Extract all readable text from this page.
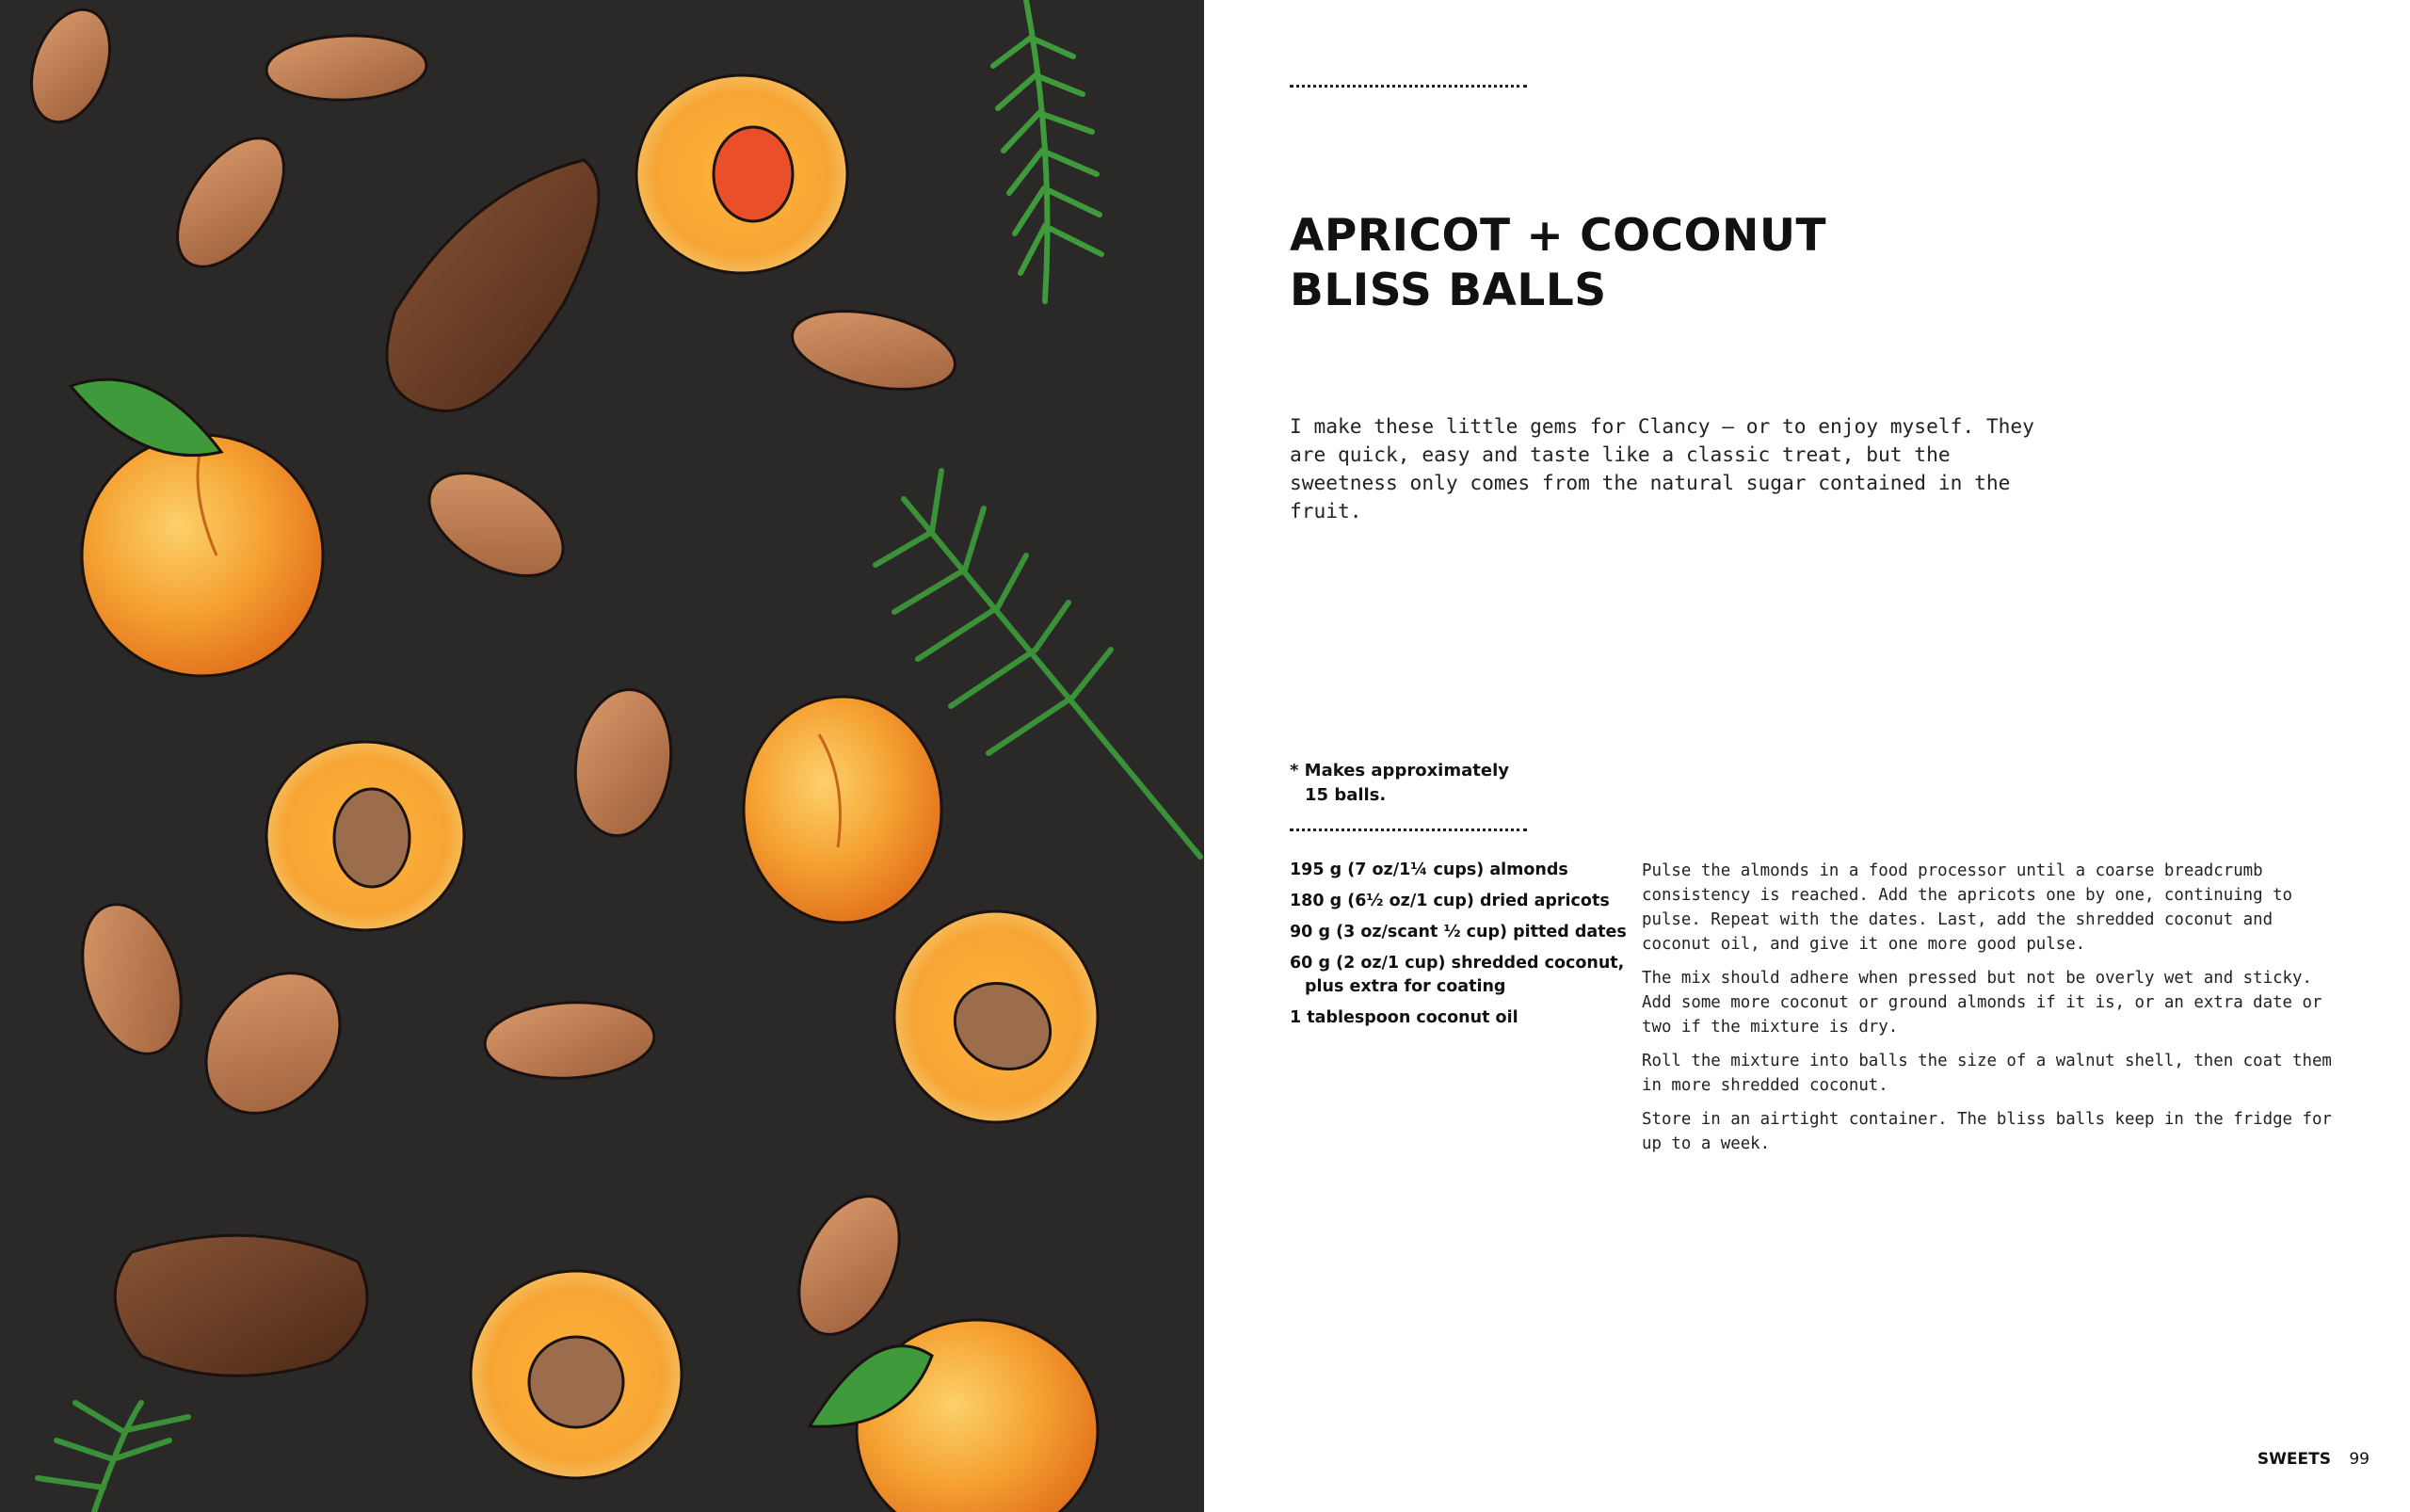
APRICOT + COCONUT
BLISS BALLS

I make these little gems for Clancy – or to enjoy myself. They are quick, easy and taste like a classic treat, but the sweetness only comes from the natural sugar contained in the fruit.

* Makes approximately
15 balls.
195 g (7 oz/1¼ cups) almonds
180 g (6½ oz/1 cup) dried apricots
90 g (3 oz/scant ½ cup) pitted dates
60 g (2 oz/1 cup) shredded coconut, plus extra for coating
1 tablespoon coconut oil

Pulse the almonds in a food processor until a coarse breadcrumb consistency is reached. Add the apricots one by one, continuing to pulse. Repeat with the dates. Last, add the shredded coconut and coconut oil, and give it one more good pulse.

The mix should adhere when pressed but not be overly wet and sticky. Add some more coconut or ground almonds if it is, or an extra date or two if the mixture is dry.

Roll the mixture into balls the size of a walnut shell, then coat them in more shredded coconut.

Store in an airtight container. The bliss balls keep in the fridge for up to a week.

SWEETS 99
